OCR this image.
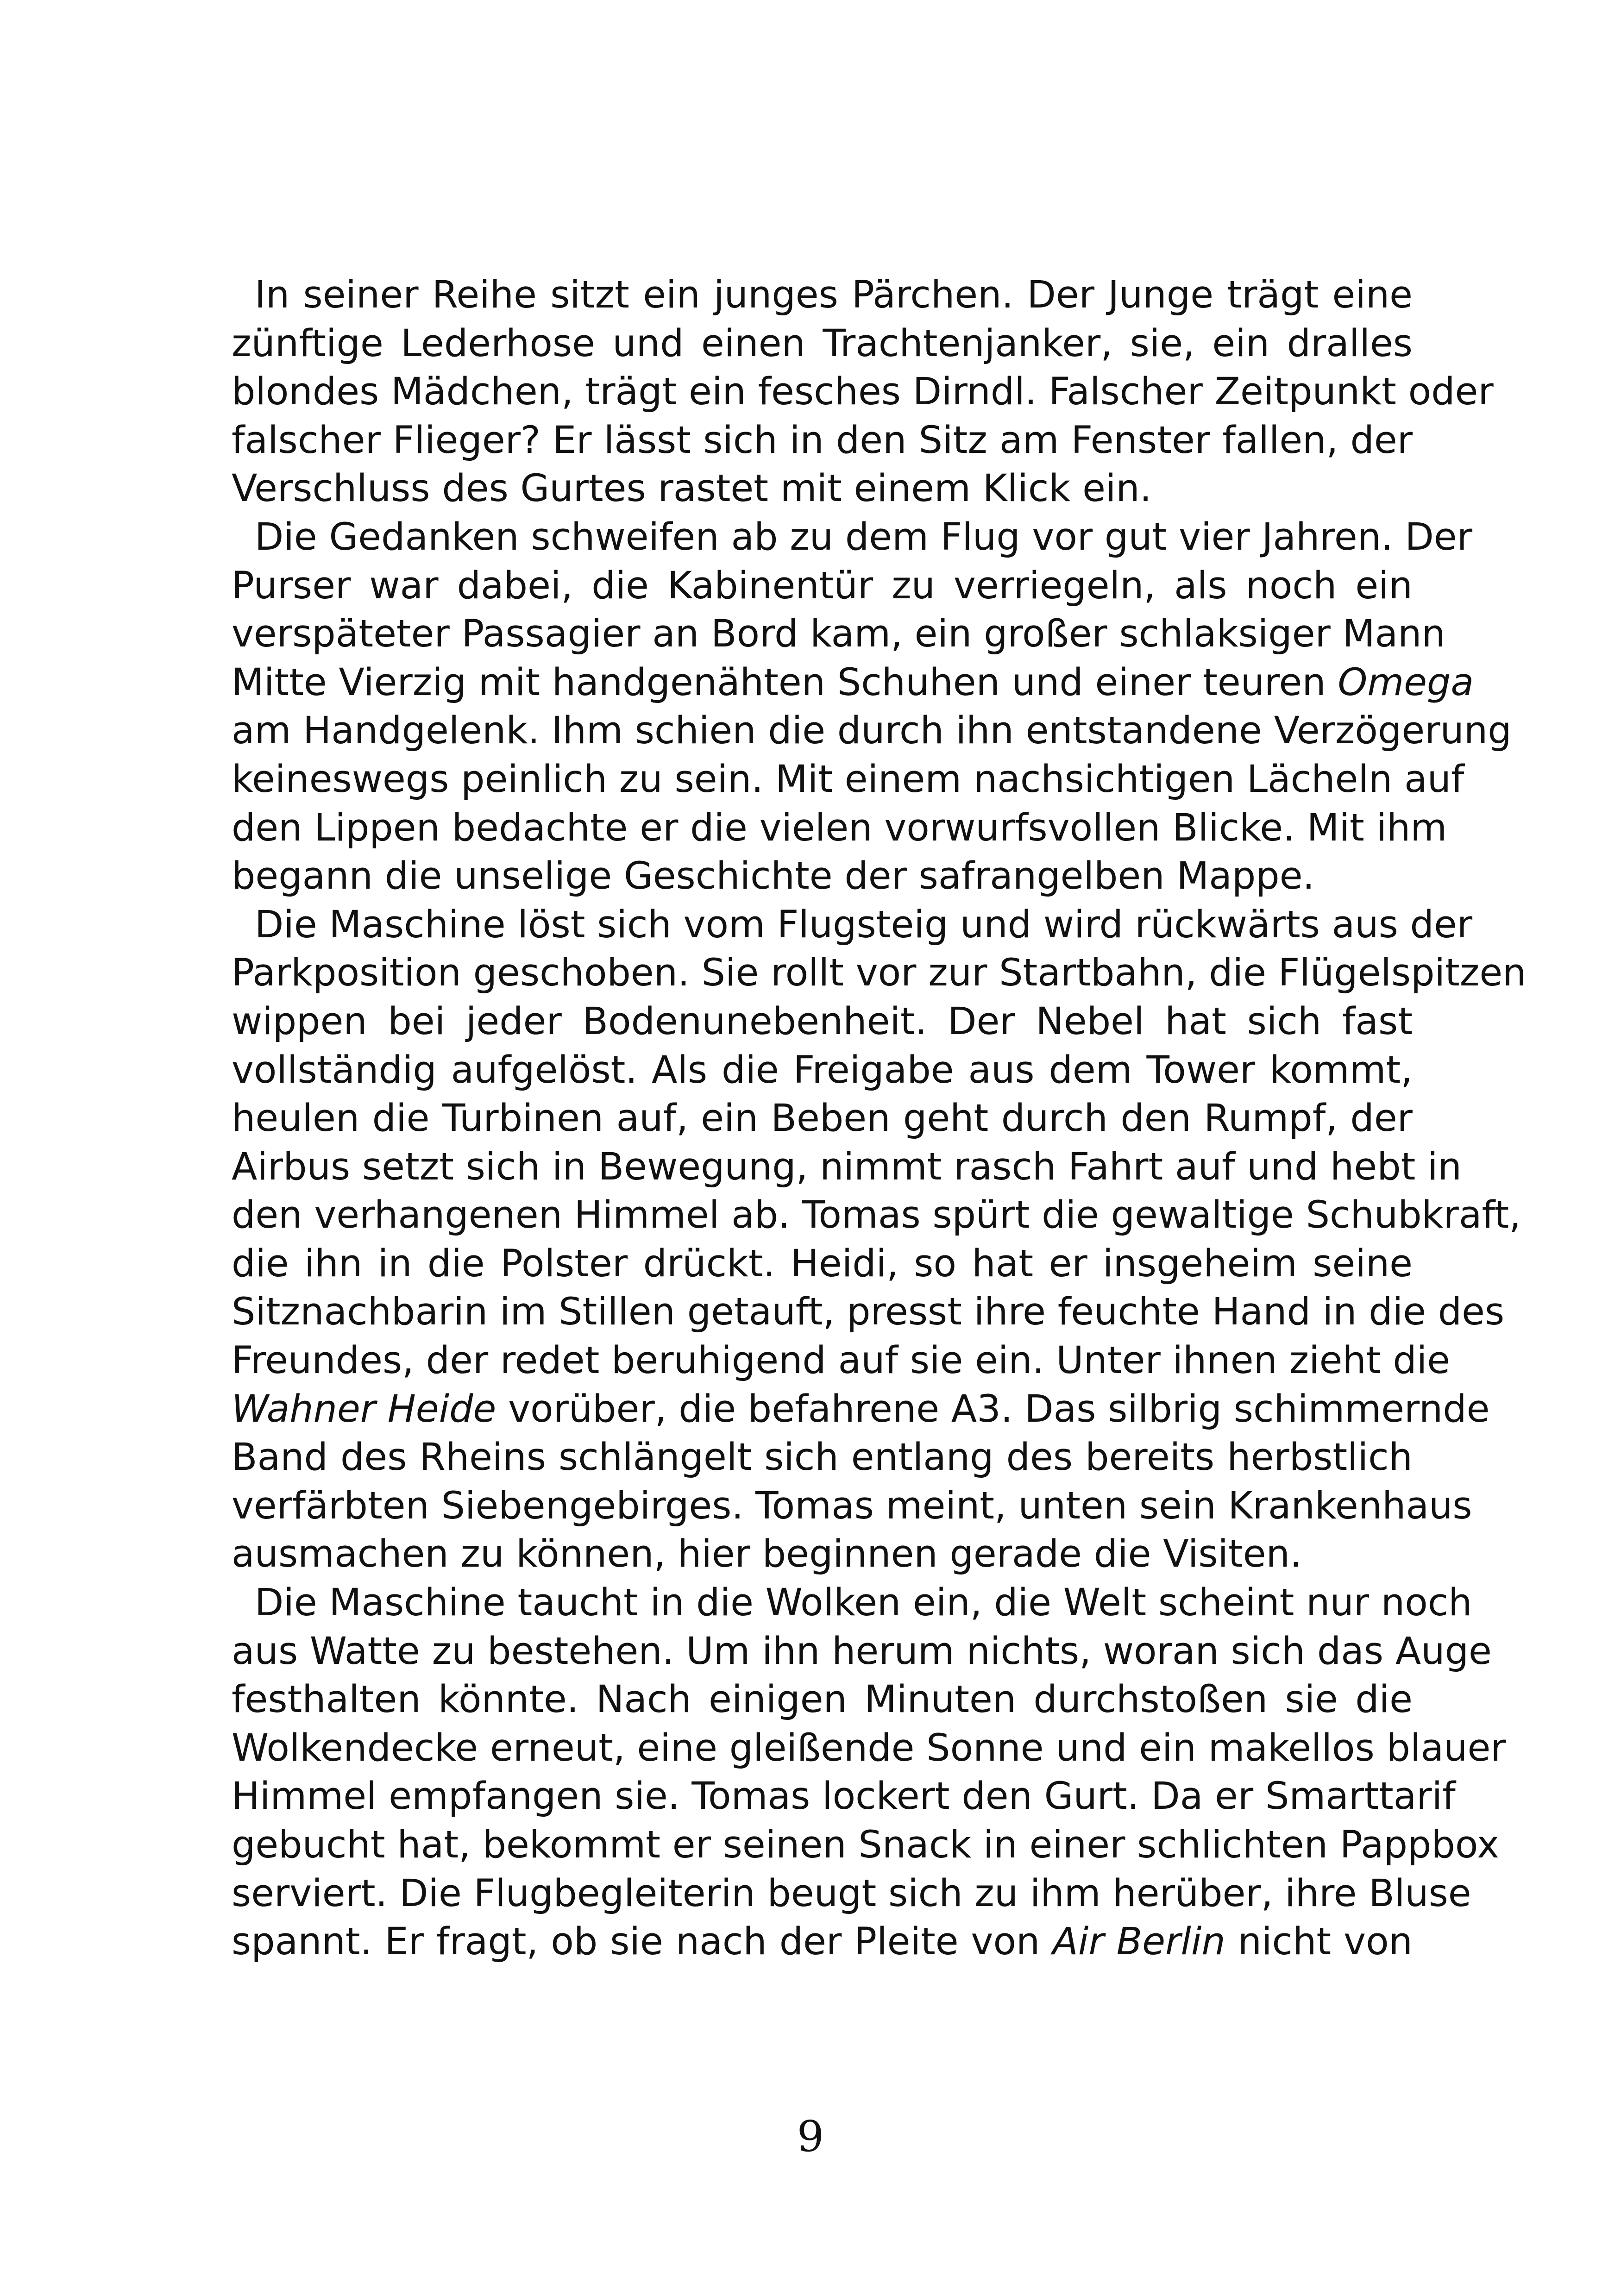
In seiner Reihe sitzt ein junges Pärchen. Der Junge trägt eine
zünftige Lederhose und einen Trachtenjanker, sie, ein dralles
blondes Mädchen, trägt ein fesches Dirndl. Falscher Zeitpunkt oder
falscher Flieger? Er lässt sich in den Sitz am Fenster fallen, der
Verschluss des Gurtes rastet mit einem Klick ein.
Die Gedanken schweifen ab zu dem Flug vor gut vier Jahren. Der
Purser war dabei, die Kabinentür zu verriegeln, als noch ein
verspäteter Passagier an Bord kam, ein großer schlaksiger Mann
Mitte Vierzig mit handgenähten Schuhen und einer teuren Omega
am Handgelenk. Ihm schien die durch ihn entstandene Verzögerung
keineswegs peinlich zu sein. Mit einem nachsichtigen Lächeln auf
den Lippen bedachte er die vielen vorwurfsvollen Blicke. Mit ihm
begann die unselige Geschichte der safrangelben Mappe.
Die Maschine löst sich vom Flugsteig und wird rückwärts aus der
Parkposition geschoben. Sie rollt vor zur Startbahn, die Flügelspitzen
wippen bei jeder Bodenunebenheit. Der Nebel hat sich fast
vollständig aufgelöst. Als die Freigabe aus dem Tower kommt,
heulen die Turbinen auf, ein Beben geht durch den Rumpf, der
Airbus setzt sich in Bewegung, nimmt rasch Fahrt auf und hebt in
den verhangenen Himmel ab. Tomas spürt die gewaltige Schubkraft,
die ihn in die Polster drückt. Heidi, so hat er insgeheim seine
Sitznachbarin im Stillen getauft, presst ihre feuchte Hand in die des
Freundes, der redet beruhigend auf sie ein. Unter ihnen zieht die
Wahner Heide vorüber, die befahrene A3. Das silbrig schimmernde
Band des Rheins schlängelt sich entlang des bereits herbstlich
verfärbten Siebengebirges. Tomas meint, unten sein Krankenhaus
ausmachen zu können, hier beginnen gerade die Visiten.
Die Maschine taucht in die Wolken ein, die Welt scheint nur noch
aus Watte zu bestehen. Um ihn herum nichts, woran sich das Auge
festhalten könnte. Nach einigen Minuten durchstoßen sie die
Wolkendecke erneut, eine gleißende Sonne und ein makellos blauer
Himmel empfangen sie. Tomas lockert den Gurt. Da er Smarttarif
gebucht hat, bekommt er seinen Snack in einer schlichten Pappbox
serviert. Die Flugbegleiterin beugt sich zu ihm herüber, ihre Bluse
spannt. Er fragt, ob sie nach der Pleite von Air Berlin nicht von
9
